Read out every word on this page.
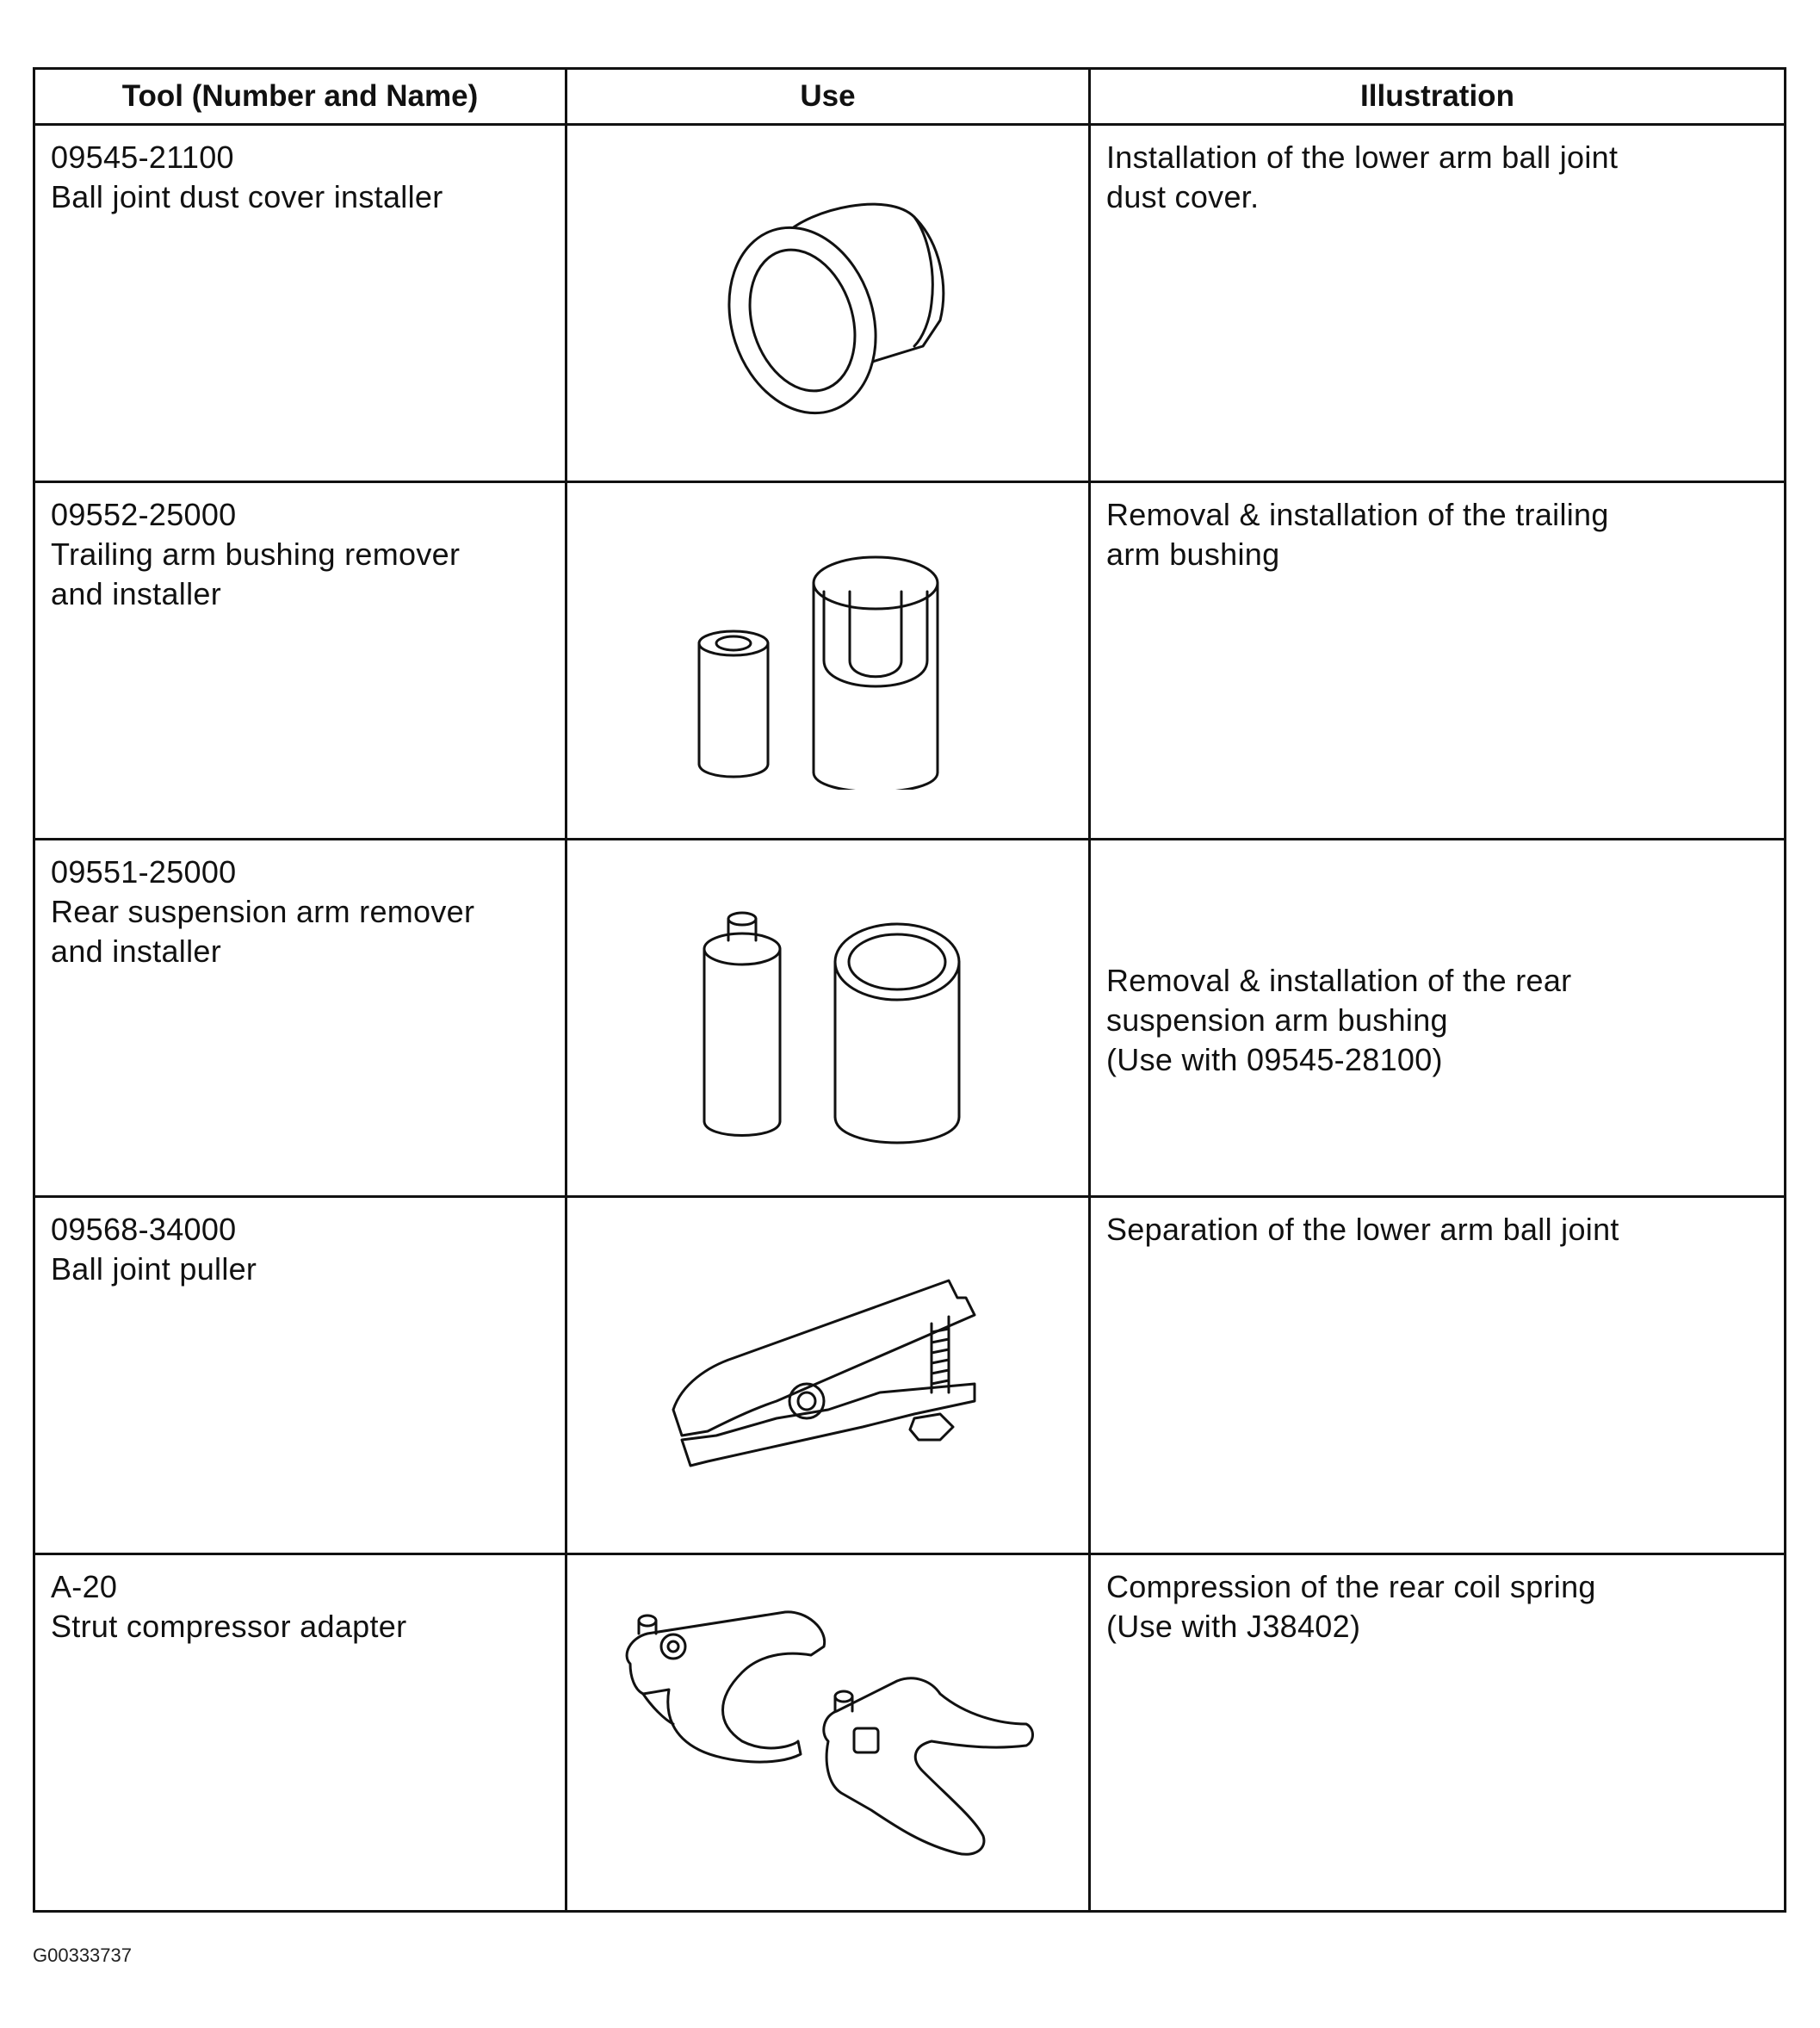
Tool (Number and Name)	Use	Illustration

09545-21100
Ball joint dust cover installer		Installation of the lower arm ball joint
dust cover.

09552-25000
Trailing arm bushing remover
and installer		Removal & installation of the trailing
arm bushing

09551-25000
Rear suspension arm remover
and installer		Removal & installation of the rear
suspension arm bushing
(Use with 09545-28100)

09568-34000
Ball joint puller		Separation of the lower arm ball joint

A-20
Strut compressor adapter		Compression of the rear coil spring
(Use with J38402)
G00333737
